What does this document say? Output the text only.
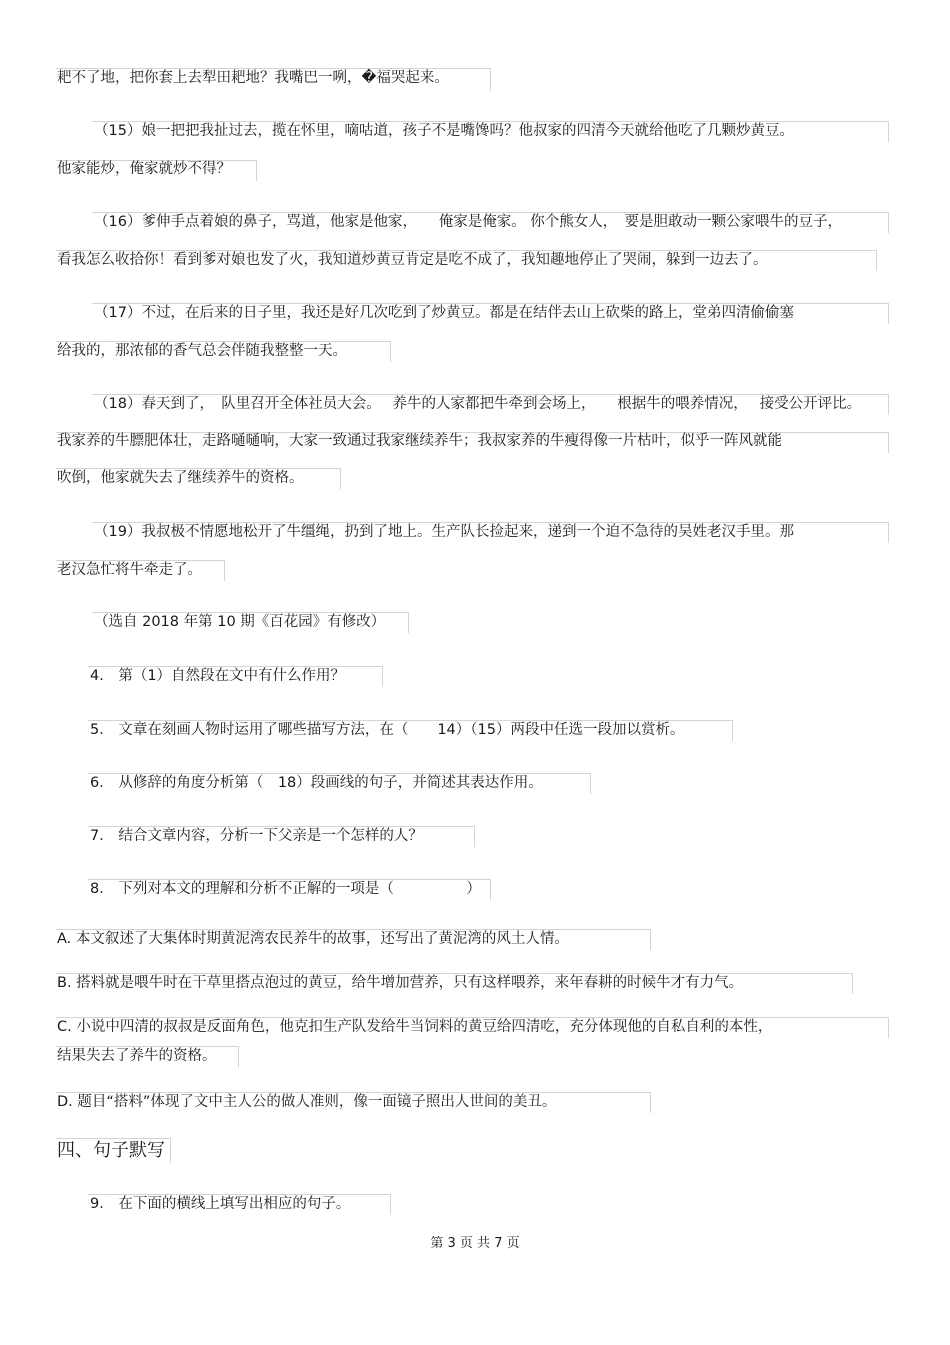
耙不了地，把你套上去犁田耙地？我嘴巴一咧，�福哭起来。
（15）娘一把把我扯过去，揽在怀里，嘀咕道，孩子不是嘴馋吗？他叔家的四清今天就给他吃了几颗炒黄豆。
他家能炒，俺家就炒不得？
（16）爹伸手点着娘的鼻子，骂道，他家是他家，　　俺家是俺家。 你个熊女人，　要是胆敢动一颗公家喂牛的豆子，
看我怎么收拾你！看到爹对娘也发了火，我知道炒黄豆肯定是吃不成了，我知趣地停止了哭闹，躲到一边去了。
（17）不过，在后来的日子里，我还是好几次吃到了炒黄豆。都是在结伴去山上砍柴的路上，堂弟四清偷偷塞
给我的，那浓郁的香气总会伴随我整整一天。
（18）春天到了，　队里召开全体社员大会。　 养牛的人家都把牛牵到会场上，　　根据牛的喂养情况，　 接受公开评比。
我家养的牛膘肥体壮，走路嗵嗵响，大家一致通过我家继续养牛；我叔家养的牛瘦得像一片枯叶，似乎一阵风就能
吹倒，他家就失去了继续养牛的资格。
（19）我叔极不情愿地松开了牛缰绳，扔到了地上。生产队长捡起来，递到一个迫不急待的吴姓老汉手里。那
老汉急忙将牛牵走了。
（选自 2018 年第 10 期《百花园》有修改）
4． 第（1）自然段在文中有什么作用？
5． 文章在刻画人物时运用了哪些描写方法，在（　　14）（15）两段中任选一段加以赏析。
6． 从修辞的角度分析第（　18）段画线的句子，并简述其表达作用。
7． 结合文章内容，分析一下父亲是一个怎样的人？
8． 下列对本文的理解和分析不正解的一项是（　　　　　）
A. 本文叙述了大集体时期黄泥湾农民养牛的故事，还写出了黄泥湾的风土人情。
B. 搭料就是喂牛时在干草里搭点泡过的黄豆，给牛增加营养，只有这样喂养，来年春耕的时候牛才有力气。
C. 小说中四清的叔叔是反面角色，他克扣生产队发给牛当饲料的黄豆给四清吃，充分体现他的自私自利的本性，
结果失去了养牛的资格。
D. 题目“搭料”体现了文中主人公的做人准则，像一面镜子照出人世间的美丑。
四、句子默写
9． 在下面的横线上填写出相应的句子。
第 3 页 共 7 页
